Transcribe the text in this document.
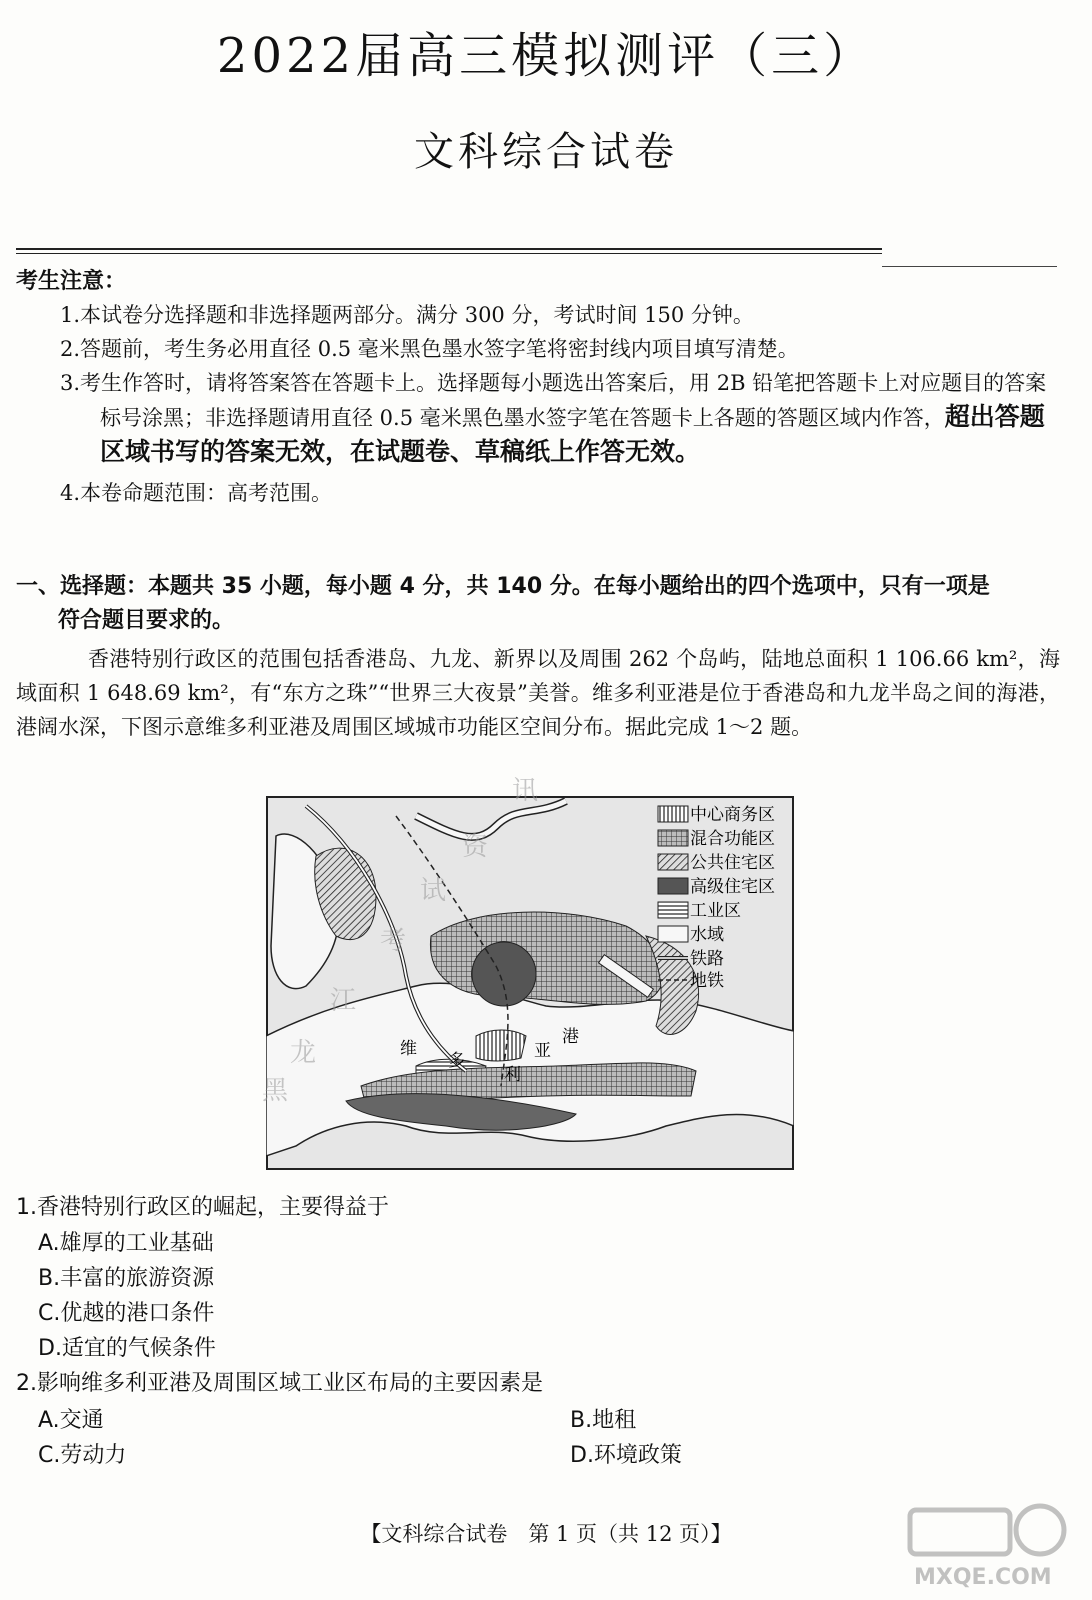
2022届高三模拟测评（三）
文科综合试卷
考生注意：
1.本试卷分选择题和非选择题两部分。满分 300 分，考试时间 150 分钟。
2.答题前，考生务必用直径 0.5 毫米黑色墨水签字笔将密封线内项目填写清楚。
3.考生作答时，请将答案答在答题卡上。选择题每小题选出答案后，用 2B 铅笔把答题卡上对应题目的答案标号涂黑；非选择题请用直径 0.5 毫米黑色墨水签字笔在答题卡上各题的答题区域内作答，超出答题区域书写的答案无效，在试题卷、草稿纸上作答无效。
4.本卷命题范围：高考范围。
一、选择题：本题共 35 小题，每小题 4 分，共 140 分。在每小题给出的四个选项中，只有一项是
符合题目要求的。
香港特别行政区的范围包括香港岛、九龙、新界以及周围 262 个岛屿，陆地总面积 1 106.66 km²，海域面积 1 648.69 km²，有“东方之珠”“世界三大夜景”美誉。维多利亚港是位于香港岛和九龙半岛之间的海港，港阔水深，下图示意维多利亚港及周围区域城市功能区空间分布。据此完成 1～2 题。
维
多
利
亚
港
中心商务区
混合功能区
公共住宅区
高级住宅区
工业区
水域
铁路
地铁
黑
龙
江
考
试
资
讯
1.香港特别行政区的崛起，主要得益于
A.雄厚的工业基础
B.丰富的旅游资源
C.优越的港口条件
D.适宜的气候条件
2.影响维多利亚港及周围区域工业区布局的主要因素是
A.交通	B.地租
C.劳动力	D.环境政策
【文科综合试卷　第 1 页（共 12 页）】
MXQE.COM
